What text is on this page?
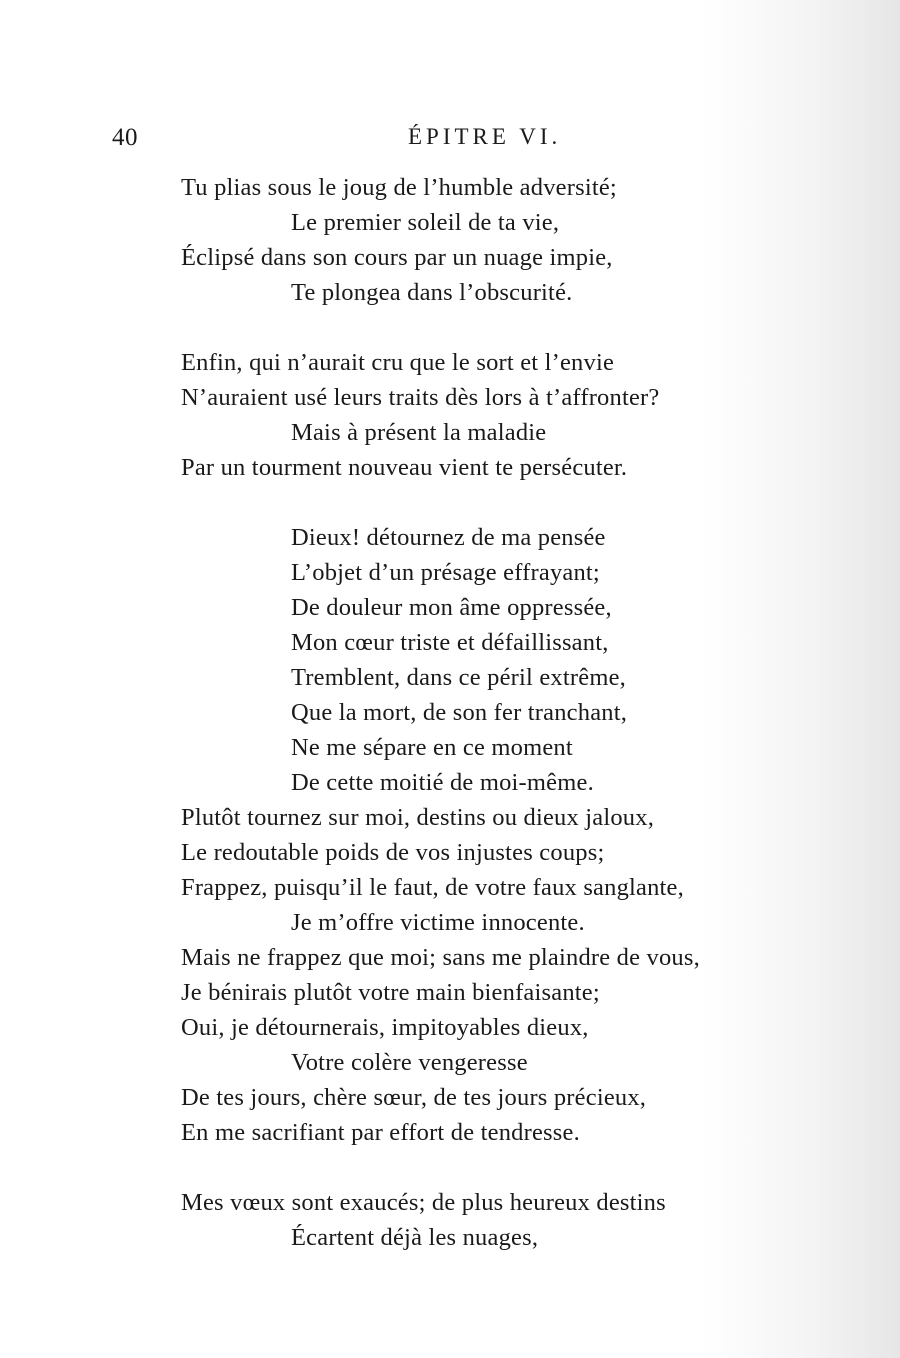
40	ÉPITRE VI.
Tu plias sous le joug de l’humble adversité;
Le premier soleil de ta vie,
Éclipsé dans son cours par un nuage impie,
Te plongea dans l’obscurité.
Enfin, qui n’aurait cru que le sort et l’envie
N’auraient usé leurs traits dès lors à t’affronter?
Mais à présent la maladie
Par un tourment nouveau vient te persécuter.
Dieux! détournez de ma pensée
L’objet d’un présage effrayant;
De douleur mon âme oppressée,
Mon cœur triste et défaillissant,
Tremblent, dans ce péril extrême,
Que la mort, de son fer tranchant,
Ne me sépare en ce moment
De cette moitié de moi-même.
Plutôt tournez sur moi, destins ou dieux jaloux,
Le redoutable poids de vos injustes coups;
Frappez, puisqu’il le faut, de votre faux sanglante,
Je m’offre victime innocente.
Mais ne frappez que moi; sans me plaindre de vous,
Je bénirais plutôt votre main bienfaisante;
Oui, je détournerais, impitoyables dieux,
Votre colère vengeresse
De tes jours, chère sœur, de tes jours précieux,
En me sacrifiant par effort de tendresse.
Mes vœux sont exaucés; de plus heureux destins
Écartent déjà les nuages,
